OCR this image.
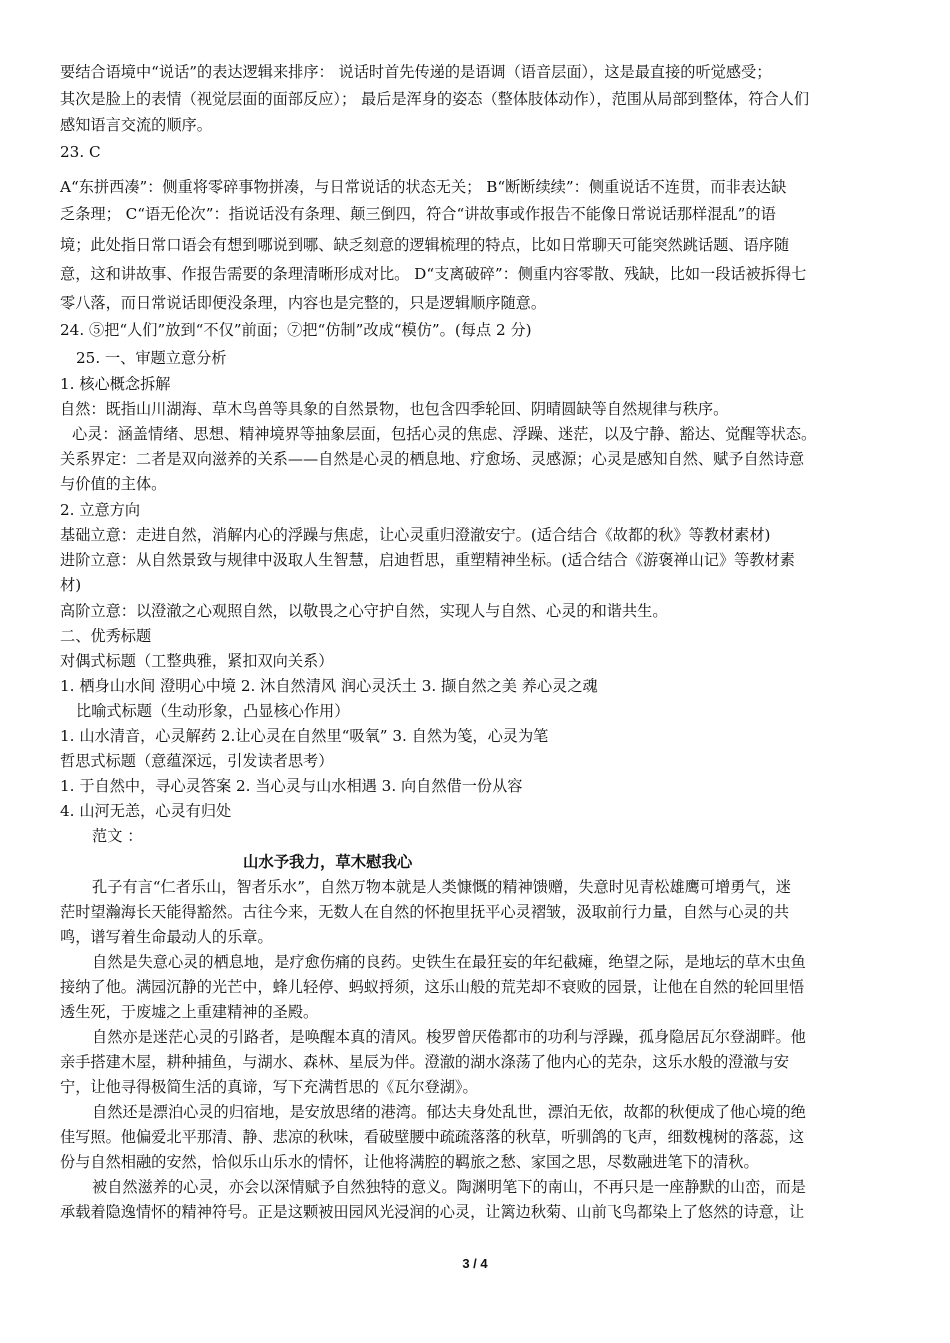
要结合语境中“说话”的表达逻辑来排序： 说话时首先传递的是语调（语音层面），这是最直接的听觉感受；
其次是脸上的表情（视觉层面的面部反应）； 最后是浑身的姿态（整体肢体动作），范围从局部到整体，符合人们
感知语言交流的顺序。
23. C
A“东拼西凑”：侧重将零碎事物拼凑，与日常说话的状态无关； B“断断续续”：侧重说话不连贯，而非表达缺
乏条理； C“语无伦次”：指说话没有条理、颠三倒四，符合“讲故事或作报告不能像日常说话那样混乱”的语
境；此处指日常口语会有想到哪说到哪、缺乏刻意的逻辑梳理的特点，比如日常聊天可能突然跳话题、语序随
意，这和讲故事、作报告需要的条理清晰形成对比。 D“支离破碎”：侧重内容零散、残缺，比如一段话被拆得七
零八落，而日常说话即便没条理，内容也是完整的，只是逻辑顺序随意。
24. ⑤把“人们”放到“不仅”前面；⑦把“仿制”改成“模仿”。(每点 2 分)
25. 一、审题立意分析
1. 核心概念拆解
自然：既指山川湖海、草木鸟兽等具象的自然景物，也包含四季轮回、阴晴圆缺等自然规律与秩序。
心灵：涵盖情绪、思想、精神境界等抽象层面，包括心灵的焦虑、浮躁、迷茫，以及宁静、豁达、觉醒等状态。
关系界定：二者是双向滋养的关系——自然是心灵的栖息地、疗愈场、灵感源；心灵是感知自然、赋予自然诗意
与价值的主体。
2. 立意方向
基础立意：走进自然，消解内心的浮躁与焦虑，让心灵重归澄澈安宁。(适合结合《故都的秋》等教材素材)
进阶立意：从自然景致与规律中汲取人生智慧，启迪哲思，重塑精神坐标。(适合结合《游褒禅山记》等教材素
材)
高阶立意：以澄澈之心观照自然，以敬畏之心守护自然，实现人与自然、心灵的和谐共生。
二、优秀标题
对偶式标题（工整典雅，紧扣双向关系）
1. 栖身山水间 澄明心中境 2. 沐自然清风 润心灵沃土 3. 撷自然之美 养心灵之魂
比喻式标题（生动形象，凸显核心作用）
1. 山水清音，心灵解药 2.让心灵在自然里“吸氧” 3. 自然为笺，心灵为笔
哲思式标题（意蕴深远，引发读者思考）
1. 于自然中，寻心灵答案 2. 当心灵与山水相遇 3. 向自然借一份从容
4. 山河无恙，心灵有归处
范文 ：
山水予我力，草木慰我心
孔子有言“仁者乐山，智者乐水”，自然万物本就是人类慷慨的精神馈赠，失意时见青松雄鹰可增勇气，迷
茫时望瀚海长天能得豁然。古往今来，无数人在自然的怀抱里抚平心灵褶皱，汲取前行力量，自然与心灵的共
鸣，谱写着生命最动人的乐章。
自然是失意心灵的栖息地，是疗愈伤痛的良药。史铁生在最狂妄的年纪截瘫，绝望之际，是地坛的草木虫鱼
接纳了他。满园沉静的光芒中，蜂儿轻停、蚂蚁捋须，这乐山般的荒芜却不衰败的园景，让他在自然的轮回里悟
透生死，于废墟之上重建精神的圣殿。
自然亦是迷茫心灵的引路者，是唤醒本真的清风。梭罗曾厌倦都市的功利与浮躁，孤身隐居瓦尔登湖畔。他
亲手搭建木屋，耕种捕鱼，与湖水、森林、星辰为伴。澄澈的湖水涤荡了他内心的芜杂，这乐水般的澄澈与安
宁，让他寻得极简生活的真谛，写下充满哲思的《瓦尔登湖》。
自然还是漂泊心灵的归宿地，是安放思绪的港湾。郁达夫身处乱世，漂泊无依，故都的秋便成了他心境的绝
佳写照。他偏爱北平那清、静、悲凉的秋味，看破壁腰中疏疏落落的秋草，听驯鸽的飞声，细数槐树的落蕊，这
份与自然相融的安然，恰似乐山乐水的情怀，让他将满腔的羁旅之愁、家国之思，尽数融进笔下的清秋。
被自然滋养的心灵，亦会以深情赋予自然独特的意义。陶渊明笔下的南山，不再只是一座静默的山峦，而是
承载着隐逸情怀的精神符号。正是这颗被田园风光浸润的心灵，让篱边秋菊、山前飞鸟都染上了悠然的诗意，让
3 / 4
